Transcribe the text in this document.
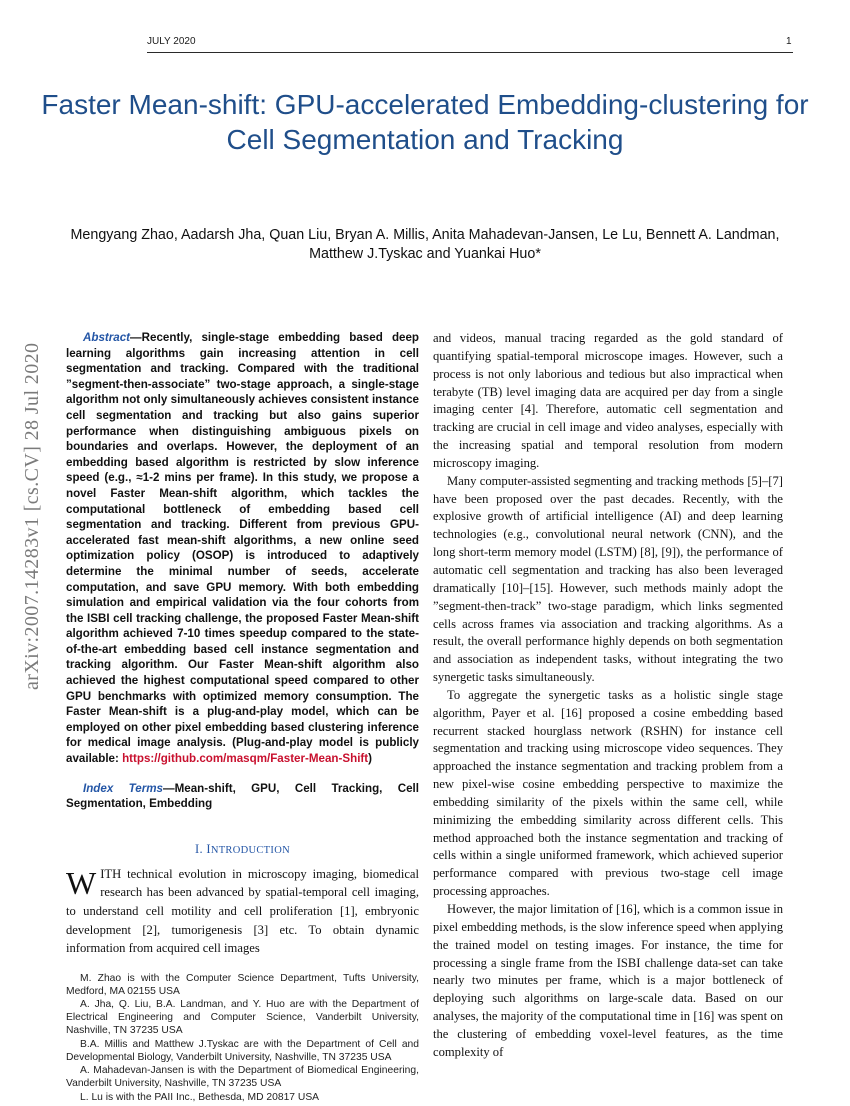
JULY 2020	1
Faster Mean-shift: GPU-accelerated Embedding-clustering for Cell Segmentation and Tracking
Mengyang Zhao, Aadarsh Jha, Quan Liu, Bryan A. Millis, Anita Mahadevan-Jansen, Le Lu, Bennett A. Landman, Matthew J.Tyskac and Yuankai Huo*
arXiv:2007.14283v1 [cs.CV] 28 Jul 2020

Abstract—Recently, single-stage embedding based deep learning algorithms gain increasing attention in cell segmentation and tracking. Compared with the traditional ”segment-then-associate” two-stage approach, a single-stage algorithm not only simultaneously achieves consistent instance cell segmentation and tracking but also gains superior performance when distinguishing ambiguous pixels on boundaries and overlaps. However, the deployment of an embedding based algorithm is restricted by slow inference speed (e.g., ≈1-2 mins per frame). In this study, we propose a novel Faster Mean-shift algorithm, which tackles the computational bottleneck of embedding based cell segmentation and tracking. Different from previous GPU-accelerated fast mean-shift algorithms, a new online seed optimization policy (OSOP) is introduced to adaptively determine the minimal number of seeds, accelerate computation, and save GPU memory. With both embedding simulation and empirical validation via the four cohorts from the ISBI cell tracking challenge, the proposed Faster Mean-shift algorithm achieved 7-10 times speedup compared to the state-of-the-art embedding based cell instance segmentation and tracking algorithm. Our Faster Mean-shift algorithm also achieved the highest computational speed compared to other GPU benchmarks with optimized memory consumption. The Faster Mean-shift is a plug-and-play model, which can be employed on other pixel embedding based clustering inference for medical image analysis. (Plug-and-play model is publicly available: https://github.com/masqm/Faster-Mean-Shift)

Index Terms—Mean-shift, GPU, Cell Tracking, Cell Segmentation, Embedding

I. INTRODUCTION

WITH technical evolution in microscopy imaging, biomedical research has been advanced by spatial-temporal cell imaging, to understand cell motility and cell proliferation [1], embryonic development [2], tumorigenesis [3] etc. To obtain dynamic information from acquired cell images

M. Zhao is with the Computer Science Department, Tufts University, Medford, MA 02155 USA

A. Jha, Q. Liu, B.A. Landman, and Y. Huo are with the Department of Electrical Engineering and Computer Science, Vanderbilt University, Nashville, TN 37235 USA

B.A. Millis and Matthew J.Tyskac are with the Department of Cell and Developmental Biology, Vanderbilt University, Nashville, TN 37235 USA

A. Mahadevan-Jansen is with the Department of Biomedical Engineering, Vanderbilt University, Nashville, TN 37235 USA

L. Lu is with the PAII Inc., Bethesda, MD 20817 USA

and videos, manual tracing regarded as the gold standard of quantifying spatial-temporal microscope images. However, such a process is not only laborious and tedious but also impractical when terabyte (TB) level imaging data are acquired per day from a single imaging center [4]. Therefore, automatic cell segmentation and tracking are crucial in cell image and video analyses, especially with the increasing spatial and temporal resolution from modern microscopy imaging.

Many computer-assisted segmenting and tracking methods [5]–[7] have been proposed over the past decades. Recently, with the explosive growth of artificial intelligence (AI) and deep learning technologies (e.g., convolutional neural network (CNN), and the long short-term memory model (LSTM) [8], [9]), the performance of automatic cell segmentation and tracking has also been leveraged dramatically [10]–[15]. However, such methods mainly adopt the ”segment-then-track” two-stage paradigm, which links segmented cells across frames via association and tracking algorithms. As a result, the overall performance highly depends on both segmentation and association as independent tasks, without integrating the two synergetic tasks simultaneously.

To aggregate the synergetic tasks as a holistic single stage algorithm, Payer et al. [16] proposed a cosine embedding based recurrent stacked hourglass network (RSHN) for instance cell segmentation and tracking using microscope video sequences. They approached the instance segmentation and tracking problem from a new pixel-wise cosine embedding perspective to maximize the embedding similarity of the pixels within the same cell, while minimizing the embedding similarity across different cells. This method approached both the instance segmentation and tracking of cells within a single uniformed framework, which achieved superior performance compared with previous two-stage cell image processing approaches.

However, the major limitation of [16], which is a common issue in pixel embedding methods, is the slow inference speed when applying the trained model on testing images. For instance, the time for processing a single frame from the ISBI challenge data-set can take nearly two minutes per frame, which is a major bottleneck of deploying such algorithms on large-scale data. Based on our analyses, the majority of the computational time in [16] was spent on the clustering of embedding voxel-level features, as the time complexity of
